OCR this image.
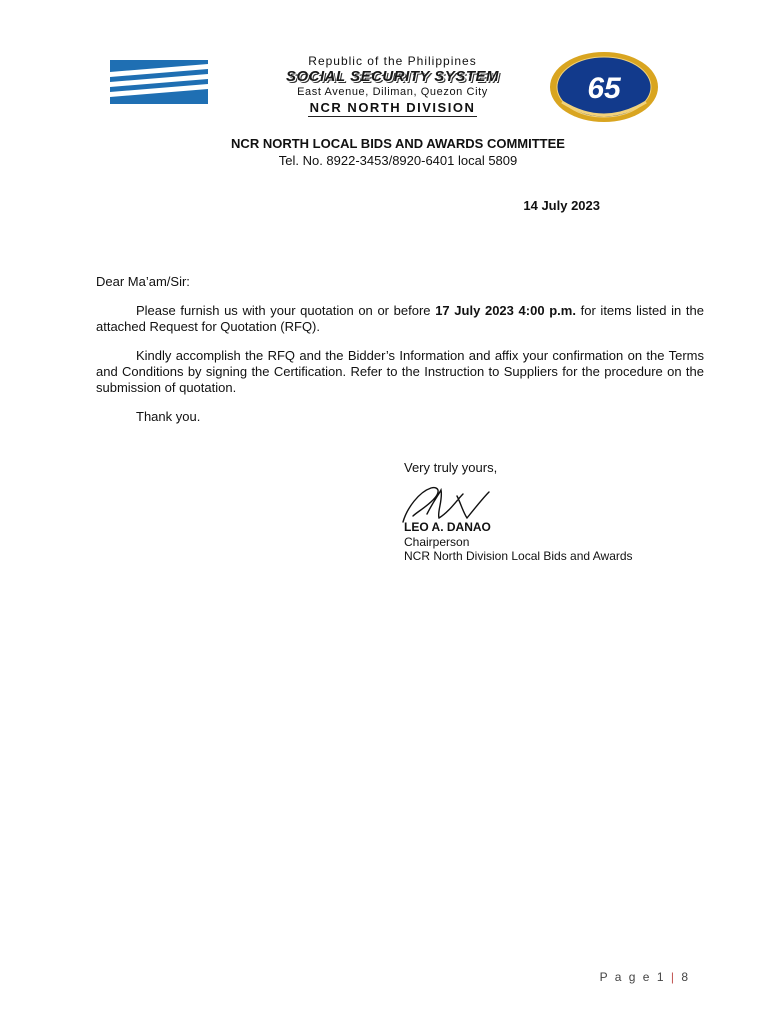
Republic of the Philippines
SOCIAL SECURITY SYSTEM
East Avenue, Diliman, Quezon City
NCR NORTH DIVISION
65
NCR NORTH LOCAL BIDS AND AWARDS COMMITTEE
Tel. No. 8922-3453/8920-6401 local 5809
14 July 2023
Dear Ma’am/Sir:
Please furnish us with your quotation on or before 17 July 2023 4:00 p.m. for items listed in the attached Request for Quotation (RFQ).
Kindly accomplish the RFQ and the Bidder’s Information and affix your confirmation on the Terms and Conditions by signing the Certification. Refer to the Instruction to Suppliers for the procedure on the submission of quotation.
Thank you.
Very truly yours,
LEO A. DANAO
Chairperson
NCR North Division Local Bids and Awards
P a g e 1 | 8
